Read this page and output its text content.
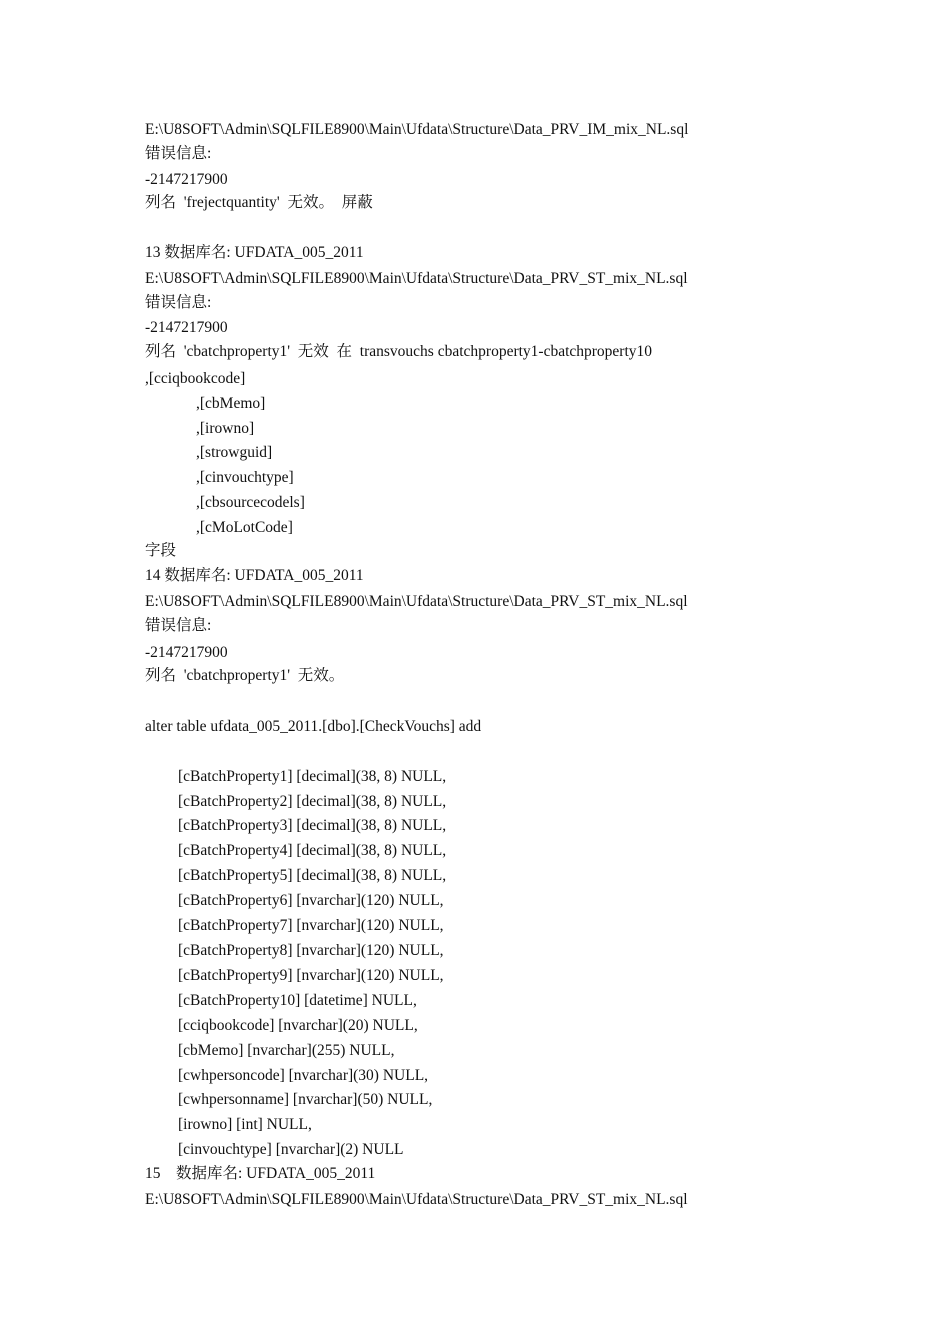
E:\U8SOFT\Admin\SQLFILE8900\Main\Ufdata\Structure\Data_PRV_IM_mix_NL.sql
错误信息:
-2147217900
列名  'frejectquantity'  无效。  屏蔽
13 数据库名: UFDATA_005_2011
E:\U8SOFT\Admin\SQLFILE8900\Main\Ufdata\Structure\Data_PRV_ST_mix_NL.sql
错误信息:
-2147217900
列名  'cbatchproperty1'  无效  在  transvouchs cbatchproperty1-cbatchproperty10
,[cciqbookcode]
,[cbMemo]
,[irowno]
,[strowguid]
,[cinvouchtype]
,[cbsourcecodels]
,[cMoLotCode]
字段
14 数据库名: UFDATA_005_2011
E:\U8SOFT\Admin\SQLFILE8900\Main\Ufdata\Structure\Data_PRV_ST_mix_NL.sql
错误信息:
-2147217900
列名  'cbatchproperty1'  无效。
alter table ufdata_005_2011.[dbo].[CheckVouchs] add
[cBatchProperty1] [decimal](38, 8) NULL,
[cBatchProperty2] [decimal](38, 8) NULL,
[cBatchProperty3] [decimal](38, 8) NULL,
[cBatchProperty4] [decimal](38, 8) NULL,
[cBatchProperty5] [decimal](38, 8) NULL,
[cBatchProperty6] [nvarchar](120) NULL,
[cBatchProperty7] [nvarchar](120) NULL,
[cBatchProperty8] [nvarchar](120) NULL,
[cBatchProperty9] [nvarchar](120) NULL,
[cBatchProperty10] [datetime] NULL,
[cciqbookcode] [nvarchar](20) NULL,
[cbMemo] [nvarchar](255) NULL,
[cwhpersoncode] [nvarchar](30) NULL,
[cwhpersonname] [nvarchar](50) NULL,
[irowno] [int] NULL,
[cinvouchtype] [nvarchar](2) NULL
15    数据库名: UFDATA_005_2011
E:\U8SOFT\Admin\SQLFILE8900\Main\Ufdata\Structure\Data_PRV_ST_mix_NL.sql
